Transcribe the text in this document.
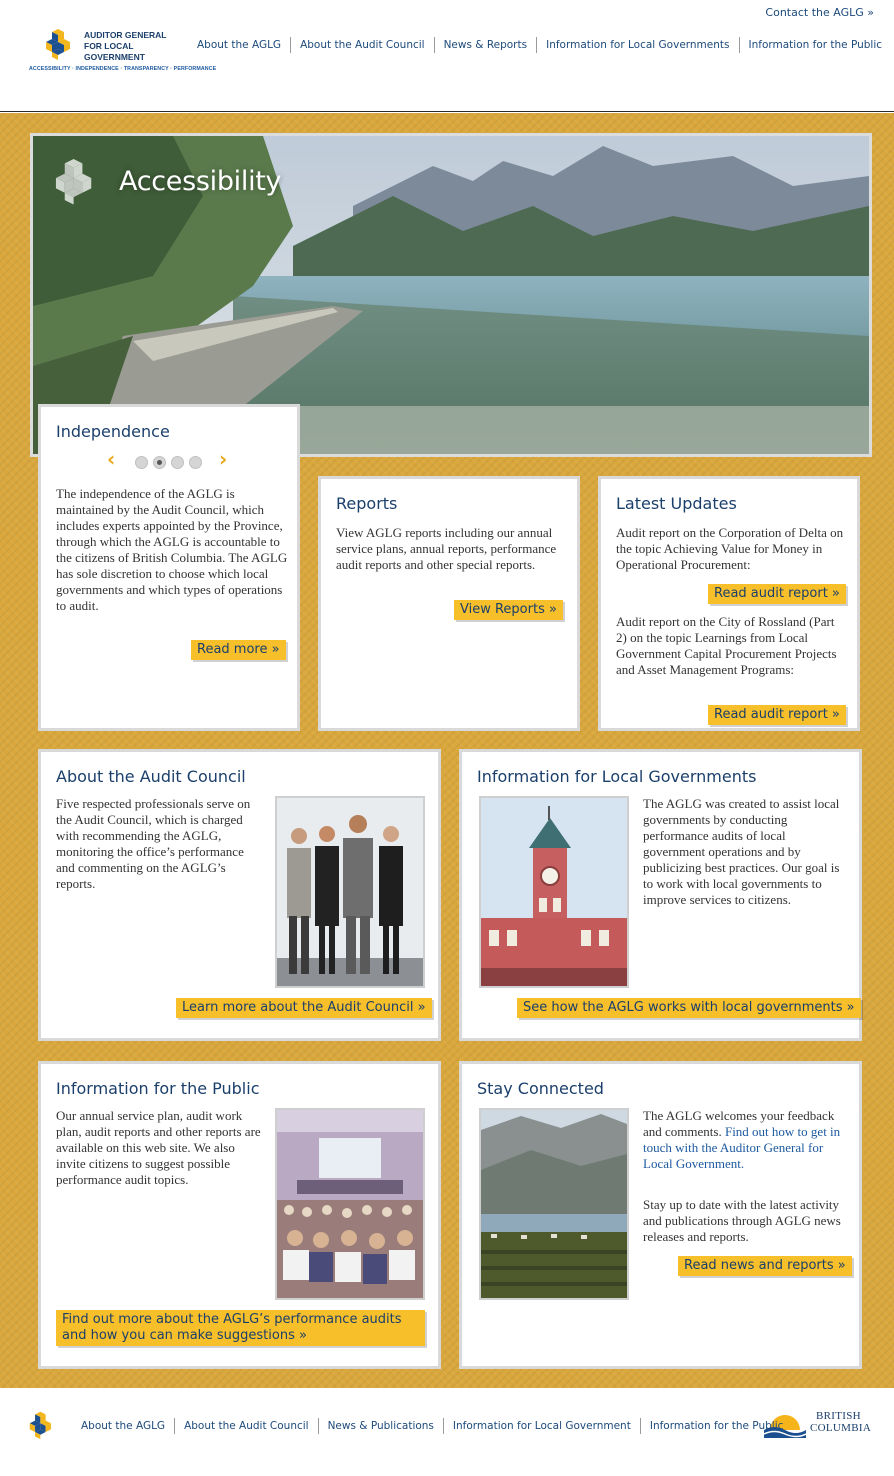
Contact the AGLG »
AUDITOR GENERAL FOR LOCAL GOVERNMENT
ACCESSIBILITY · INDEPENDENCE · TRANSPARENCY · PERFORMANCE
About the AGLG	About the Audit Council	News & Reports	Information for Local Governments	Information for the Public
Accessibility
Independence
‹	›

The independence of the AGLG is maintained by the Audit Council, which includes experts appointed by the Province, through which the AGLG is accountable to the citizens of British Columbia. The AGLG has sole discretion to choose which local governments and which types of operations to audit.

Read more »
Reports

View AGLG reports including our annual service plans, annual reports, performance audit reports and other special reports.

View Reports »
Latest Updates

Audit report on the Corporation of Delta on the topic Achieving Value for Money in Operational Procurement:

Read audit report »

Audit report on the City of Rossland (Part 2) on the topic Learnings from Local Government Capital Procurement Projects and Asset Management Programs:

Read audit report »
About the Audit Council

Five respected professionals serve on the Audit Council, which is charged with recommending the AGLG, monitoring the office’s performance and commenting on the AGLG’s reports.

Learn more about the Audit Council »
Information for Local Governments

The AGLG was created to assist local governments by conducting performance audits of local government operations and by publicizing best practices. Our goal is to work with local governments to improve services to citizens.

See how the AGLG works with local governments »
Information for the Public

Our annual service plan, audit work plan, audit reports and other reports are available on this web site. We also invite citizens to suggest possible performance audit topics.

Find out more about the AGLG’s performance audits
and how you can make suggestions »
Stay Connected

The AGLG welcomes your feedback and comments. Find out how to get in touch with the Auditor General for Local Government.

Stay up to date with the latest activity and publications through AGLG news releases and reports.

Read news and reports »
BRITISH
COLUMBIA
About the AGLG	About the Audit Council	News & Publications	Information for Local Government	Information for the Public
